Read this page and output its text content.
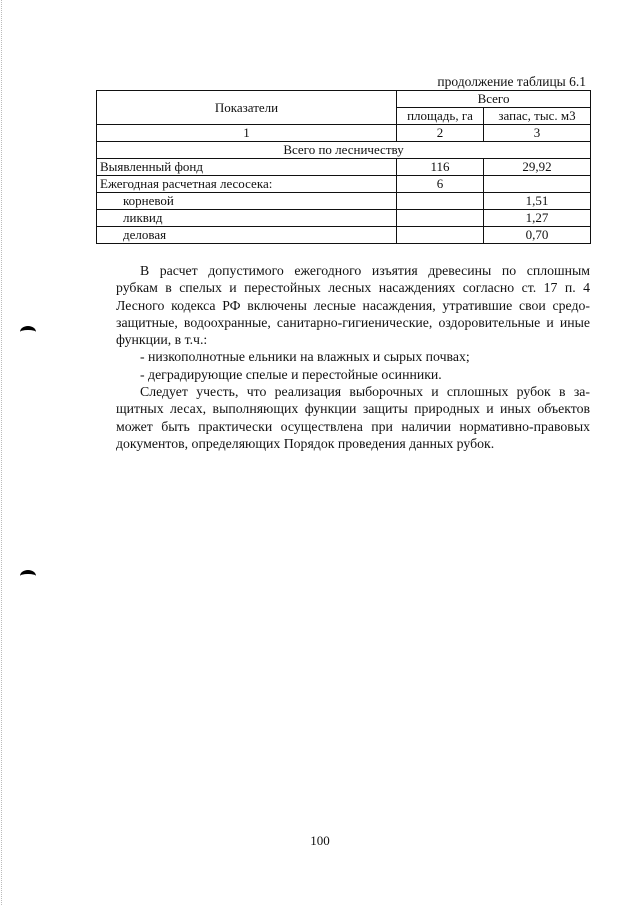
продолжение таблицы 6.1
Показатели	Всего	
	площадь, га	запас, тыс. м3
1	2	3
Всего по лесничеству		
Выявленный фонд	116	29,92
Ежегодная расчетная лесосека:	6	
корневой		1,51
ликвид		1,27
деловая		0,70

В расчет допустимого ежегодного изъятия древесины по сплошным

рубкам в спелых и перестойных лесных насаждениях согласно ст. 17 п. 4

Лесного кодекса РФ включены лесные насаждения, утратившие свои средо-

защитные, водоохранные, санитарно-гигиенические, оздоровительные и иные

функции, в т.ч.:

- низкополнотные ельники на влажных и сырых почвах;

- деградирующие спелые и перестойные осинники.

Следует учесть, что реализация выборочных и сплошных рубок в за-

щитных лесах, выполняющих функции защиты природных и иных объектов

может быть практически осуществлена при наличии нормативно-правовых

документов, определяющих Порядок проведения данных рубок.

100
